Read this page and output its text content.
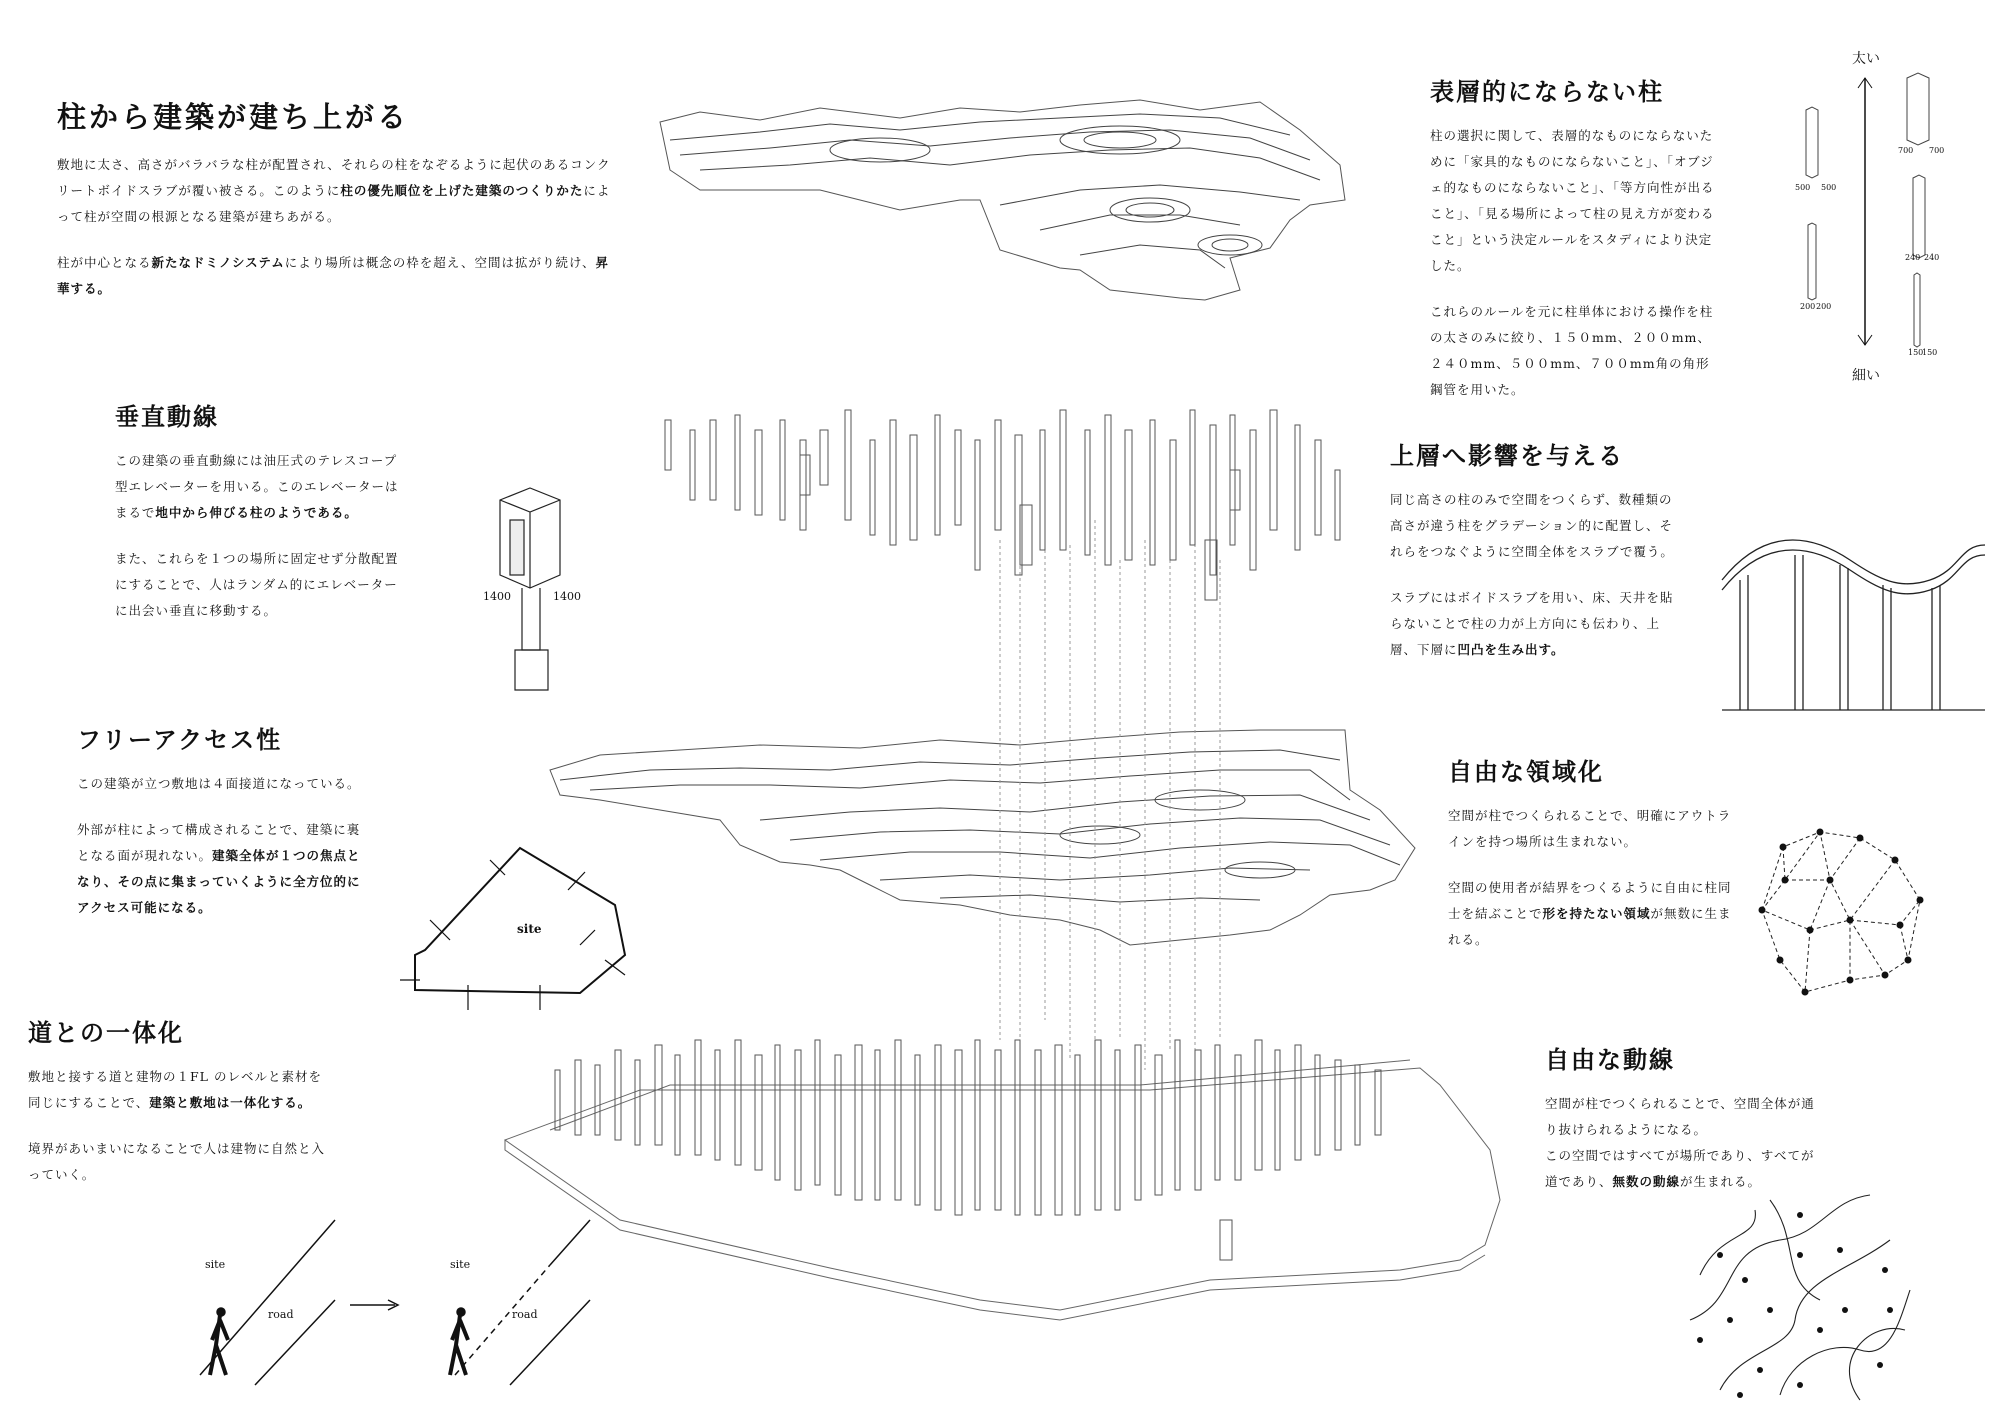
柱から建築が建ち上がる

敷地に太さ、高さがバラバラな柱が配置され、それらの柱をなぞるように起伏のあるコンクリートボイドスラブが覆い被さる。このように柱の優先順位を上げた建築のつくりかたによって柱が空間の根源となる建築が建ちあがる。

柱が中心となる新たなドミノシステムにより場所は概念の枠を超え、空間は拡がり続け、昇華する。

垂直動線

この建築の垂直動線には油圧式のテレスコープ型エレベーターを用いる。このエレベーターはまるで地中から伸びる柱のようである。

また、これらを１つの場所に固定せず分散配置にすることで、人はランダム的にエレベーターに出会い垂直に移動する。

1400	1400
フリーアクセス性

この建築が立つ敷地は４面接道になっている。

外部が柱によって構成されることで、建築に裏となる面が現れない。建築全体が１つの焦点となり、その点に集まっていくように全方位的にアクセス可能になる。

site
道との一体化

敷地と接する道と建物の１FL のレベルと素材を同じにすることで、建築と敷地は一体化する。

境界があいまいになることで人は建物に自然と入っていく。

site
road
site
road
表層的にならない柱

柱の選択に関して、表層的なものにならないために「家具的なものにならないこと」、「オブジェ的なものにならないこと」、「等方向性が出ること」、「見る場所によって柱の見え方が変わること」という決定ルールをスタディにより決定した。

これらのルールを元に柱単体における操作を柱の太さのみに絞り、１５０mm、２００mm、２４０mm、５００mm、７００mm角の角形鋼管を用いた。

太い
細い
700 700
500 500
240 240
200 200
150
150
上層へ影響を与える

同じ高さの柱のみで空間をつくらず、数種類の高さが違う柱をグラデーション的に配置し、それらをつなぐように空間全体をスラブで覆う。

スラブにはボイドスラブを用い、床、天井を貼らないことで柱の力が上方向にも伝わり、上層、下層に凹凸を生み出す。

自由な領域化

空間が柱でつくられることで、明確にアウトラインを持つ場所は生まれない。

空間の使用者が結界をつくるように自由に柱同士を結ぶことで形を持たない領域が無数に生まれる。

自由な動線

空間が柱でつくられることで、空間全体が通り抜けられるようになる。

この空間ではすべてが場所であり、すべてが道であり、無数の動線が生まれる。
